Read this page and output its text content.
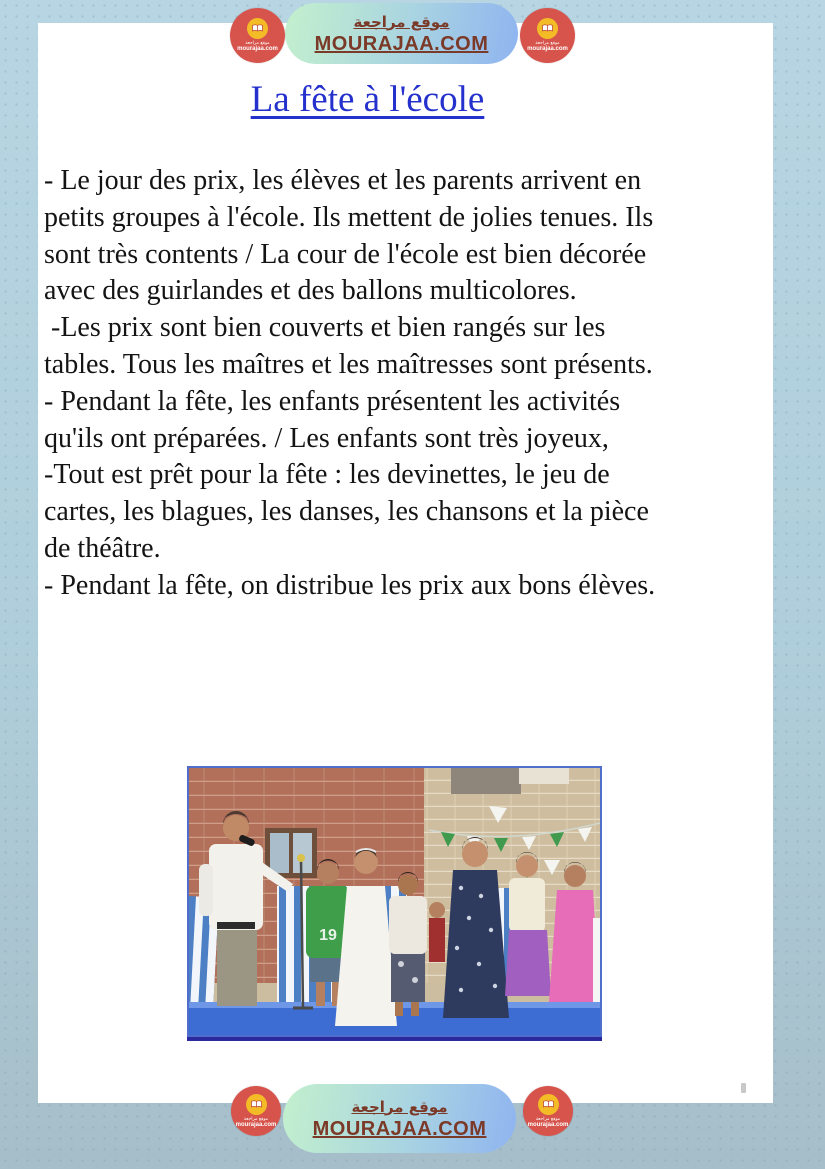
موقع مراجعة
MOURAJAA.COM
موقع مراجعة
mourajaa.com
موقع مراجعة
mourajaa.com
La fête à l'école
- Le jour des prix, les élèves et les parents arrivent en
petits groupes à l'école. Ils mettent de jolies tenues. Ils
sont très contents / La cour de l'école est bien décorée
avec des guirlandes et des ballons multicolores.
-Les prix sont bien couverts et bien rangés sur les
tables. Tous les maîtres et les maîtresses sont présents.
- Pendant la fête, les enfants présentent les activités
qu'ils ont préparées. / Les enfants sont très joyeux,
-Tout est prêt pour la fête : les devinettes, le jeu de
cartes, les blagues, les danses, les chansons et la pièce
de théâtre.
- Pendant la fête, on distribue les prix aux bons élèves.
19
موقع مراجعة
MOURAJAA.COM
موقع مراجعة
mourajaa.com
موقع مراجعة
mourajaa.com
